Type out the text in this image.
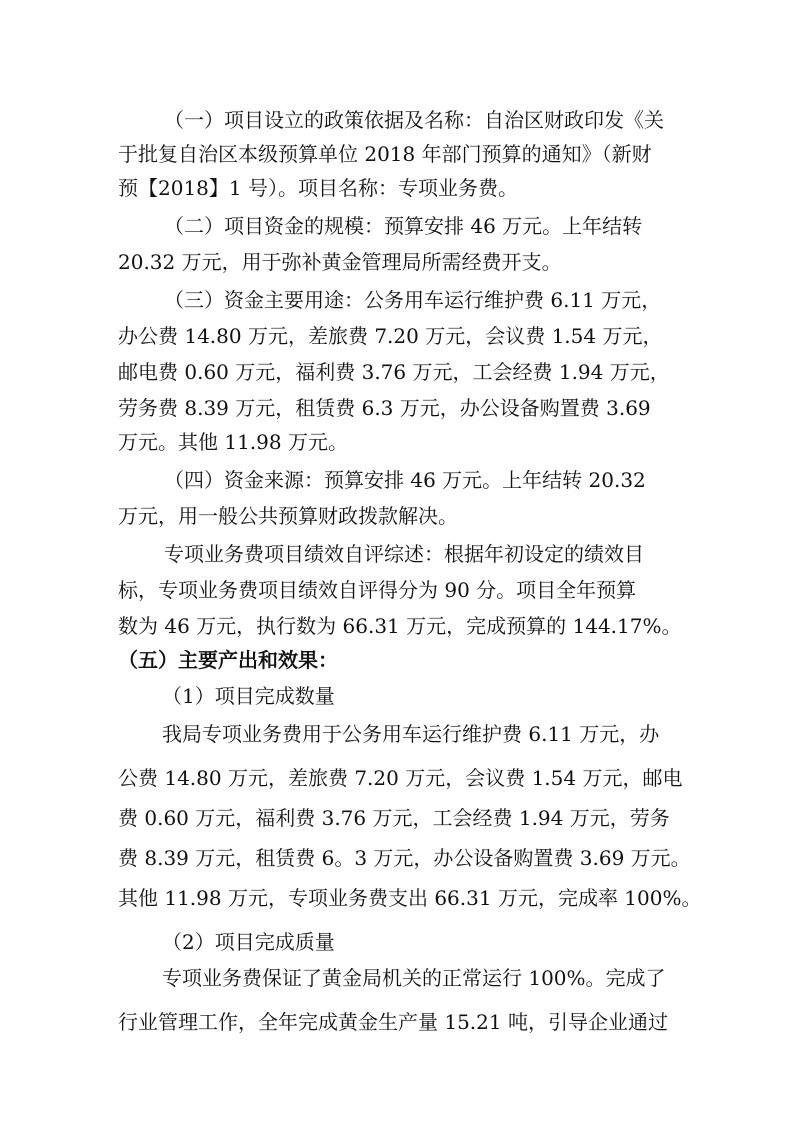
（一）项目设立的政策依据及名称：自治区财政印发《关
于批复自治区本级预算单位 2018 年部门预算的通知》（新财
预【2018】1 号）。项目名称：专项业务费。
（二）项目资金的规模：预算安排 46 万元。上年结转
20.32 万元，用于弥补黄金管理局所需经费开支。
（三）资金主要用途：公务用车运行维护费 6.11 万元，
办公费 14.80 万元，差旅费 7.20 万元，会议费 1.54 万元，
邮电费 0.60 万元，福利费 3.76 万元，工会经费 1.94 万元，
劳务费 8.39 万元，租赁费 6.3 万元，办公设备购置费 3.69
万元。其他 11.98 万元。
（四）资金来源：预算安排 46 万元。上年结转 20.32
万元，用一般公共预算财政拨款解决。
专项业务费项目绩效自评综述：根据年初设定的绩效目
标，专项业务费项目绩效自评得分为 90 分。项目全年预算
数为 46 万元，执行数为 66.31 万元，完成预算的 144.17%。
（五）主要产出和效果：
（1）项目完成数量
我局专项业务费用于公务用车运行维护费 6.11 万元，办
公费 14.80 万元，差旅费 7.20 万元，会议费 1.54 万元，邮电
费 0.60 万元，福利费 3.76 万元，工会经费 1.94 万元，劳务
费 8.39 万元，租赁费 6。3 万元，办公设备购置费 3.69 万元。
其他 11.98 万元，专项业务费支出 66.31 万元，完成率 100%。
（2）项目完成质量
专项业务费保证了黄金局机关的正常运行 100%。完成了
行业管理工作，全年完成黄金生产量 15.21 吨，引导企业通过
